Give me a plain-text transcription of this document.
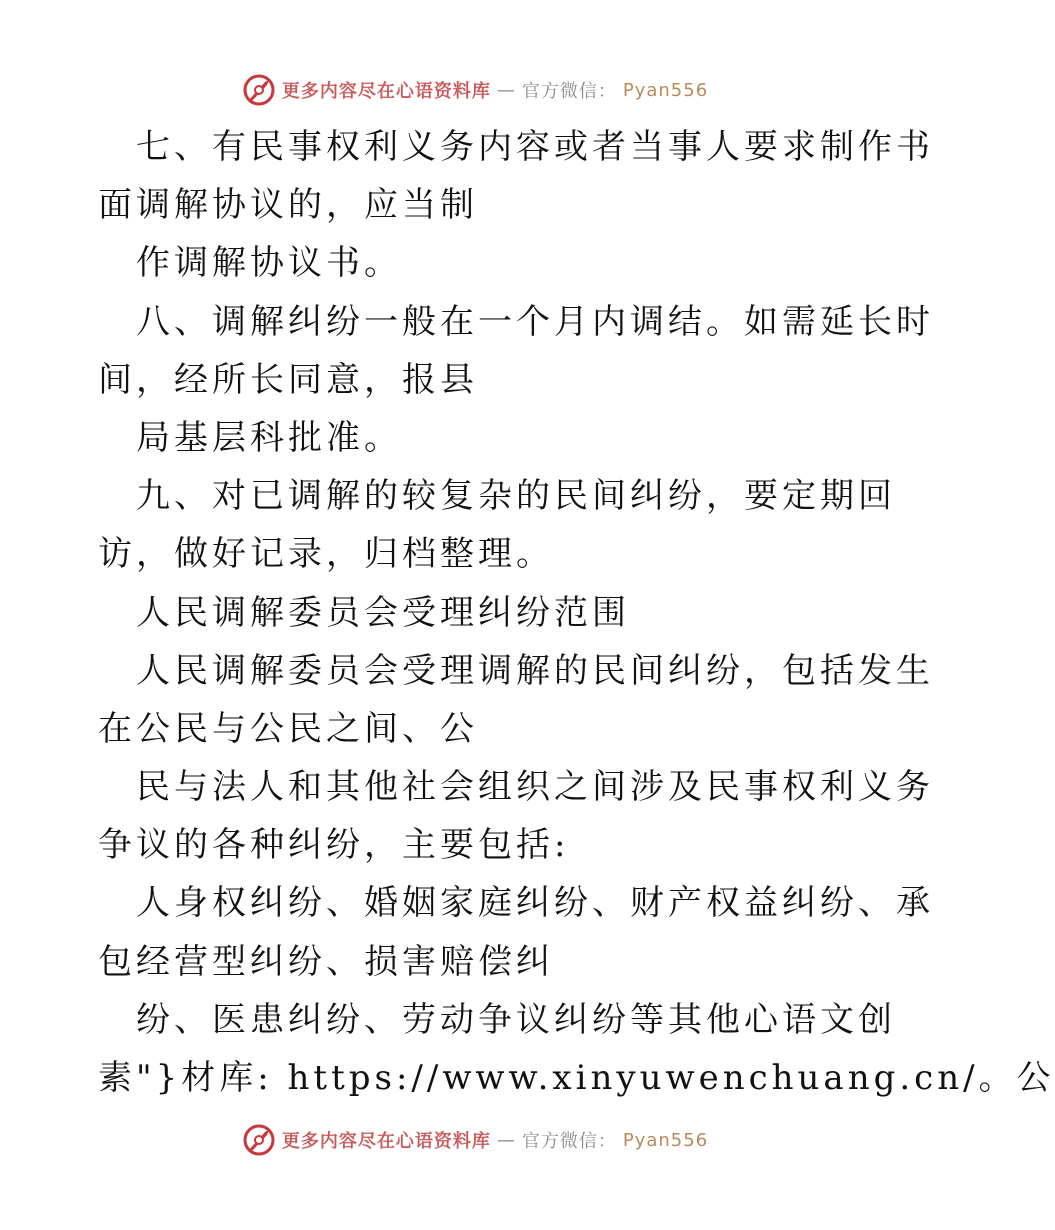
更多内容尽在心语资料库 — 官方微信： Pyan556
七、有民事权利义务内容或者当事人要求制作书
面调解协议的，应当制
作调解协议书。
八、调解纠纷一般在一个月内调结。如需延长时
间，经所长同意，报县
局基层科批准。
九、对已调解的较复杂的民间纠纷，要定期回
访，做好记录，归档整理。
人民调解委员会受理纠纷范围
人民调解委员会受理调解的民间纠纷，包括发生
在公民与公民之间、公
民与法人和其他社会组织之间涉及民事权利义务
争议的各种纠纷，主要包括:
人身权纠纷、婚姻家庭纠纷、财产权益纠纷、承
包经营型纠纷、损害赔偿纠
纷、医患纠纷、劳动争议纠纷等其他心语文创
素"}材库: https://www.xinyuwenchuang.cn/。公
更多内容尽在心语资料库 — 官方微信： Pyan556
